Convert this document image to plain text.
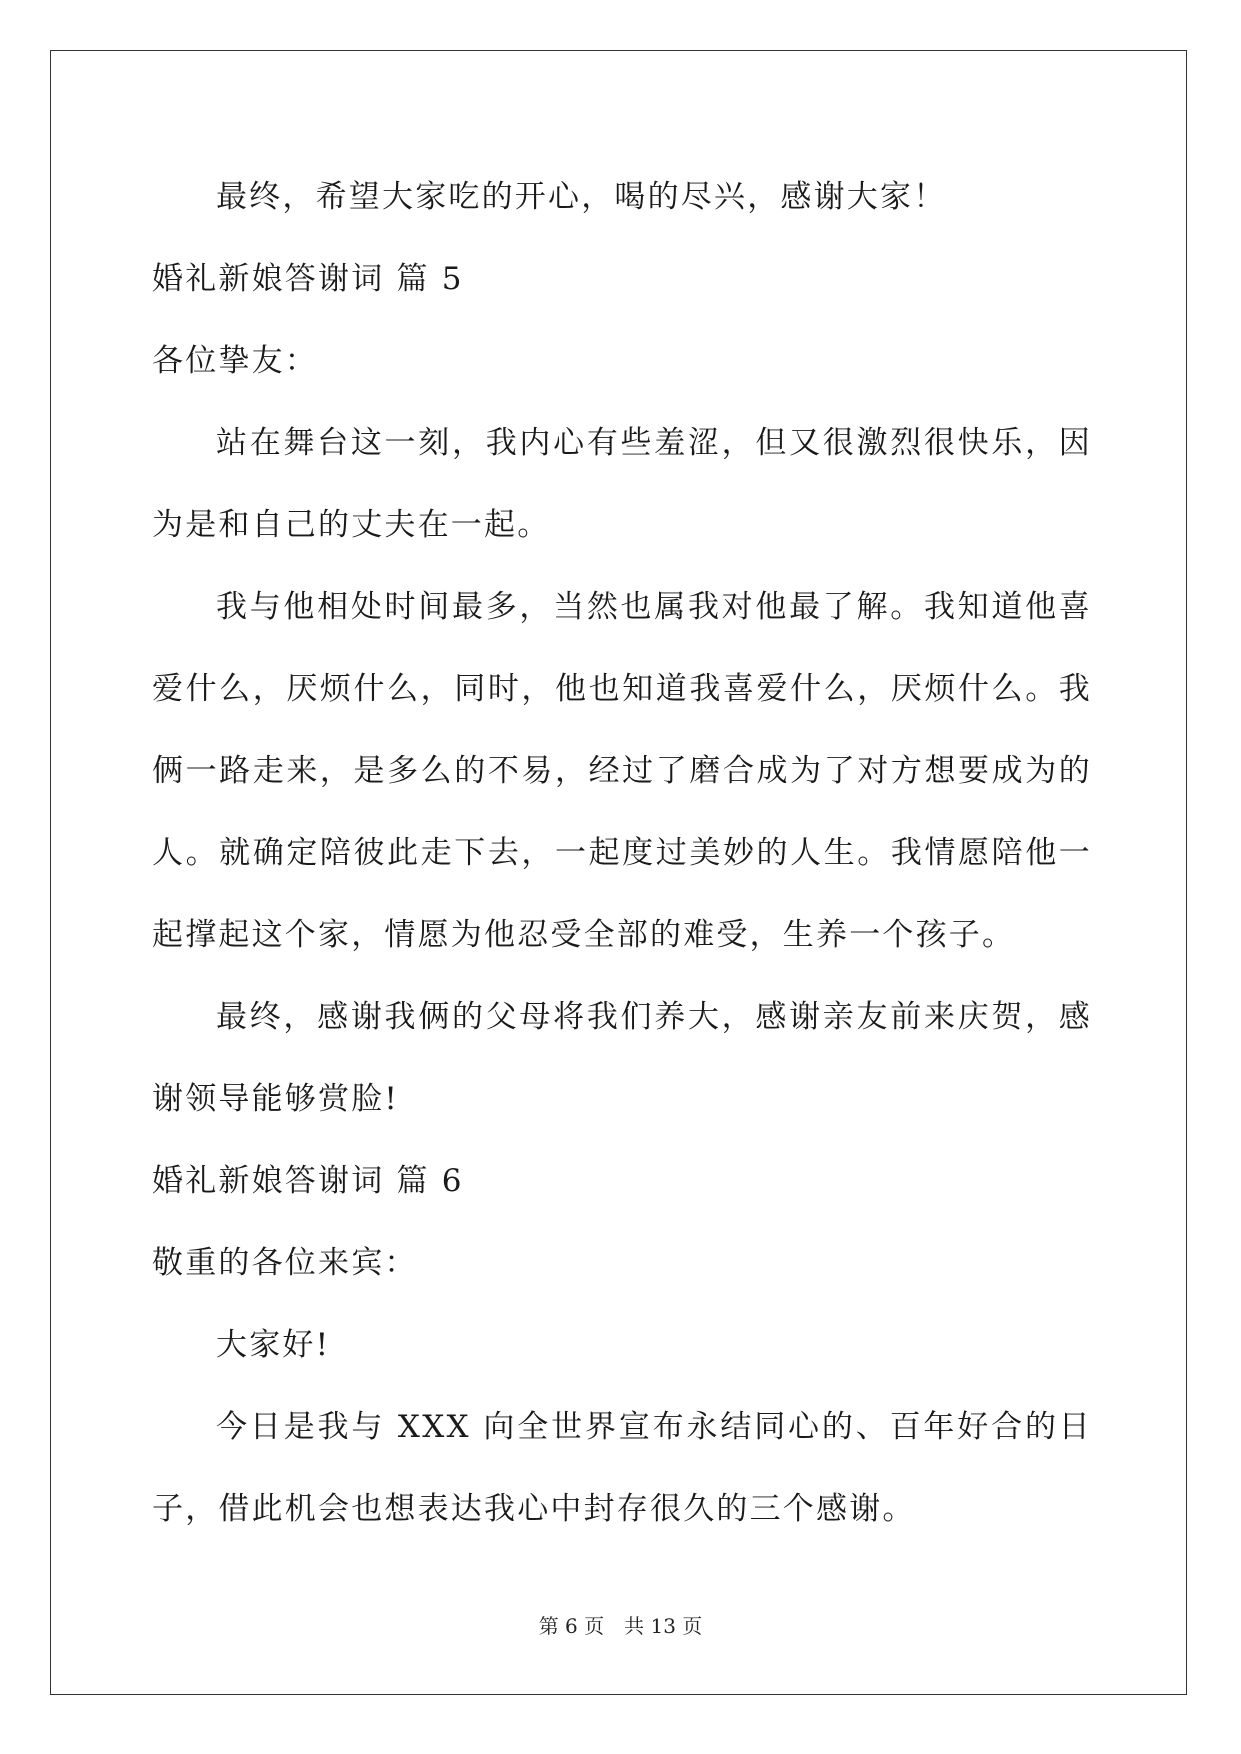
最终，希望大家吃的开心，喝的尽兴，感谢大家！

婚礼新娘答谢词 篇 5

各位挚友：

站在舞台这一刻，我内心有些羞涩，但又很激烈很快乐，因为是和自己的丈夫在一起。

我与他相处时间最多，当然也属我对他最了解。我知道他喜爱什么，厌烦什么，同时，他也知道我喜爱什么，厌烦什么。我俩一路走来，是多么的不易，经过了磨合成为了对方想要成为的人。就确定陪彼此走下去，一起度过美妙的人生。我情愿陪他一起撑起这个家，情愿为他忍受全部的难受，生养一个孩子。

最终，感谢我俩的父母将我们养大，感谢亲友前来庆贺，感谢领导能够赏脸!

婚礼新娘答谢词 篇 6

敬重的各位来宾：

大家好!

今日是我与 XXX 向全世界宣布永结同心的、百年好合的日子，借此机会也想表达我心中封存很久的三个感谢。

第 6 页　共 13 页
